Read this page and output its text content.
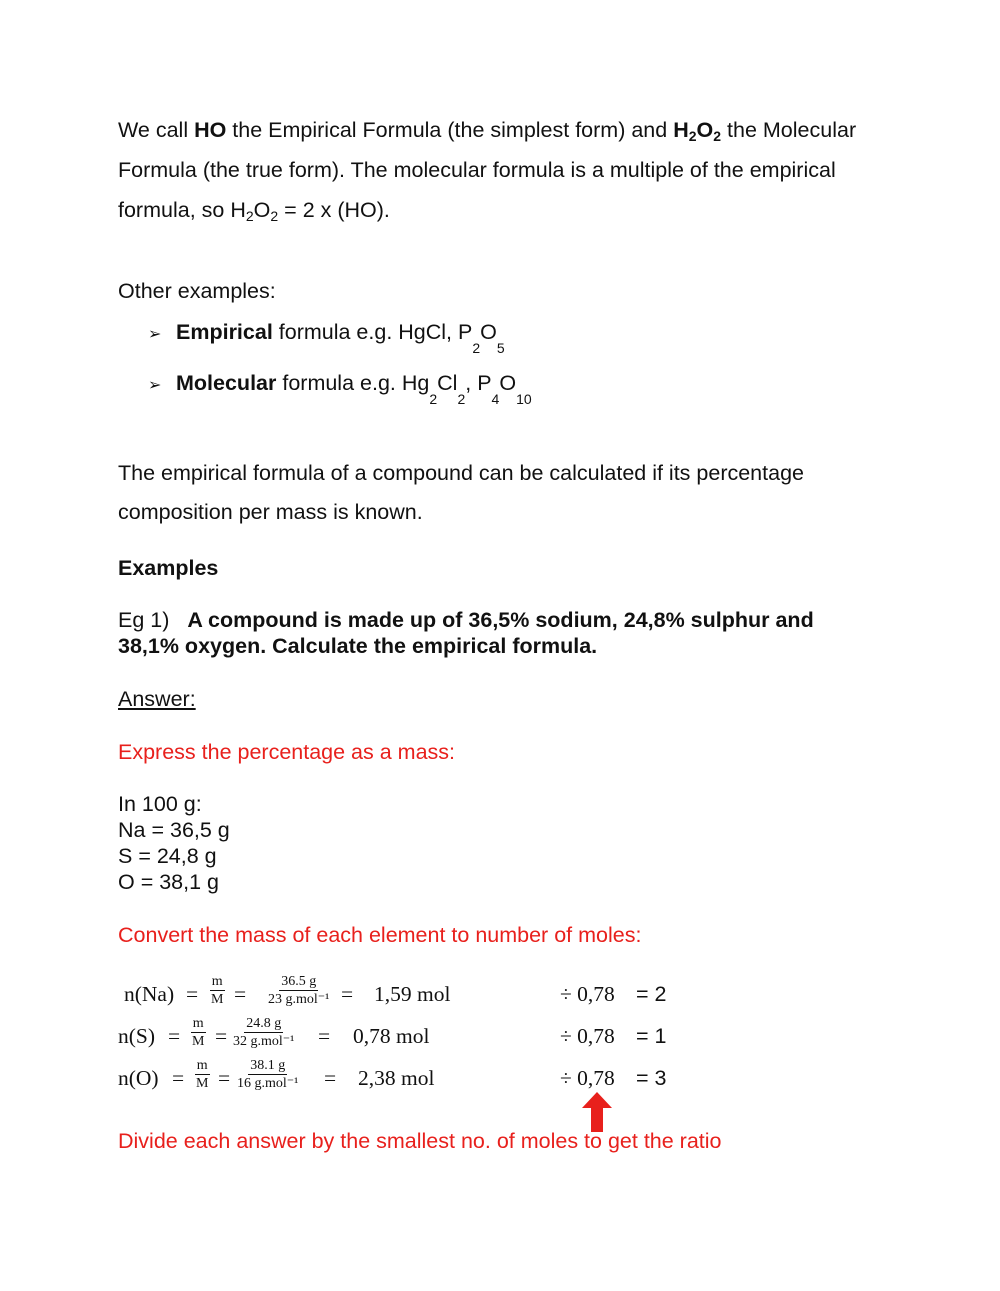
We call HO the Empirical Formula (the simplest form) and $H_2O_2$ the Molecular
Formula (the true form). The molecular formula is a multiple of the empirical
formula, so $H_2O_2 = 2$ x (HO).
Other examples:
➢ Empirical formula e.g. HgCl, $P_2O_5$
➢ Molecular formula e.g. $Hg_2Cl_2$, $P_4O_{10}$
The empirical formula of a compound can be calculated if its percentage
composition per mass is known.
Examples
Eg 1) A compound is made up of 36,5% sodium, 24,8% sulphur and
38,1% oxygen. Calculate the empirical formula.
Answer:
Express the percentage as a mass:
In 100 g:
Na = 36,5 g
S = 24,8 g
O = 38,1 g
Convert the mass of each element to number of moles:
$n(Na) = \frac{m}{M}$ =
36.5 g
23 g.mol⁻¹ = 1,59 mol	÷ 0,78 = 2
$n(S) = \frac{m}{M}$ =
24.8 g
32 g.mol⁻¹ = 0,78 mol	÷ 0,78 = 1
$n(O) = \frac{m}{M}$ =
38.1 g
16 g.mol⁻¹ = 2,38 mol	÷ 0,78 = 3
Divide each answer by the smallest no. of moles to get the ratio
